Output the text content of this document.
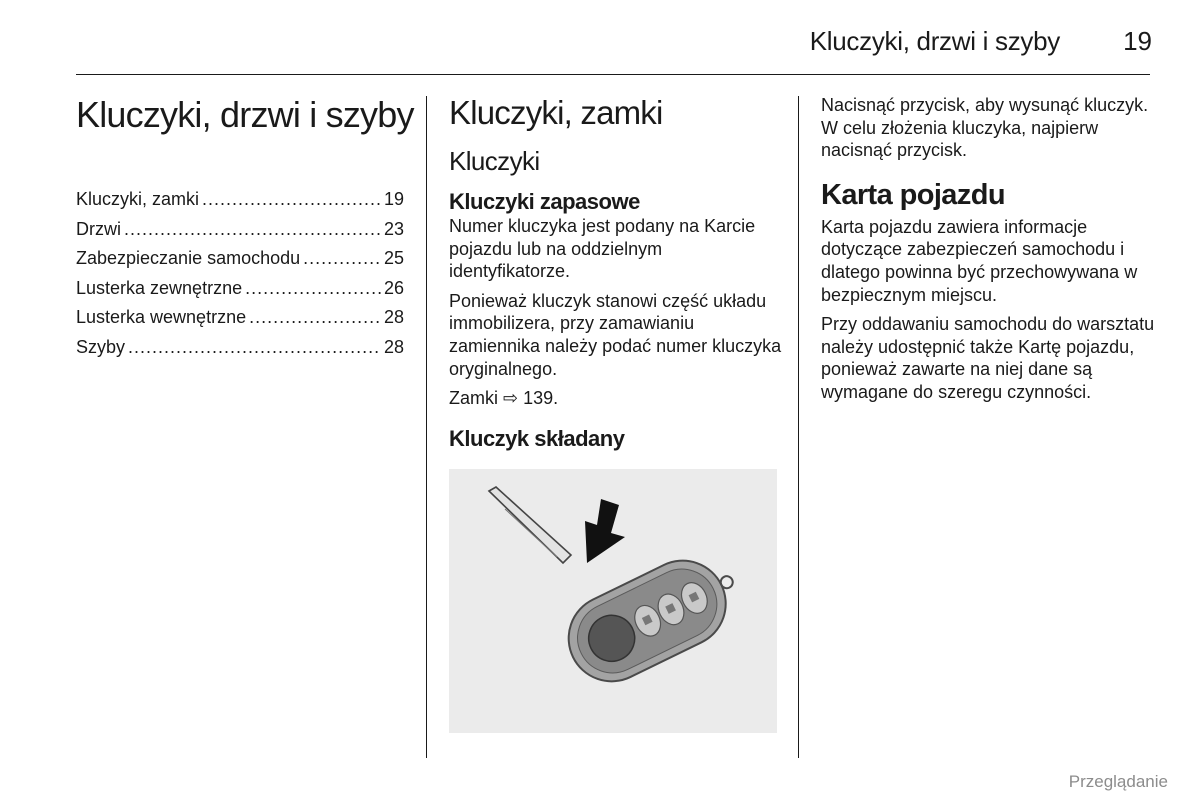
Kluczyki, drzwi i szyby	19
Kluczyki, drzwi i szyby
Kluczyki, zamki .....	19
Drzwi .....	23
Zabezpieczanie samochodu .....	25
Lusterka zewnętrzne .....	26
Lusterka wewnętrzne .....	28
Szyby .....	28
Kluczyki, zamki
Kluczyki
Kluczyki zapasowe

Numer kluczyka jest podany na Karcie pojazdu lub na oddzielnym identyfikatorze.

Ponieważ kluczyk stanowi część układu immobilizera, przy zamawianiu zamiennika należy podać numer kluczyka oryginalnego.

Zamki ⇨ 139.

Kluczyk składany

Nacisnąć przycisk, aby wysunąć kluczyk. W celu złożenia kluczyka, najpierw nacisnąć przycisk.

Karta pojazdu

Karta pojazdu zawiera informacje dotyczące zabezpieczeń samochodu i dlatego powinna być przechowywana w bezpiecznym miejscu.

Przy oddawaniu samochodu do warsztatu należy udostępnić także Kartę pojazdu, ponieważ zawarte na niej dane są wymagane do szeregu czynności.

Przeglądanie
